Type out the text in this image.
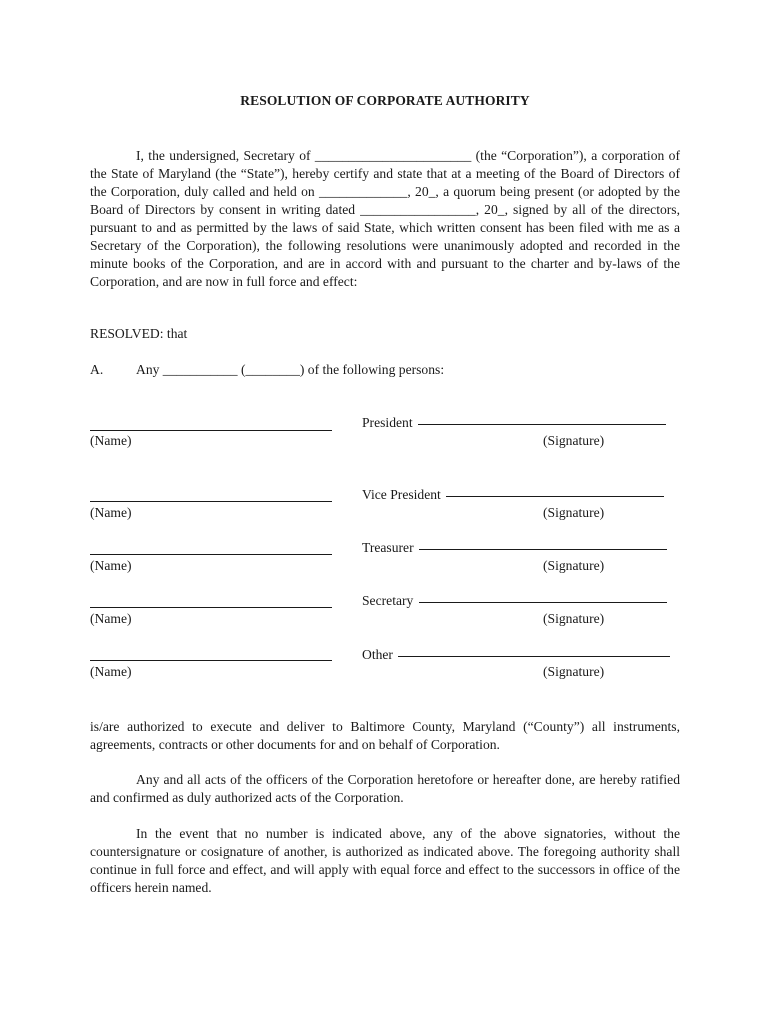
RESOLUTION OF CORPORATE AUTHORITY

I, the undersigned, Secretary of _______________________ (the “Corporation”), a corporation of the State of Maryland (the “State”), hereby certify and state that at a meeting of the Board of Directors of the Corporation, duly called and held on _____________, 20_, a quorum being present (or adopted by the Board of Directors by consent in writing dated _________________, 20_, signed by all of the directors, pursuant to and as permitted by the laws of said State, which written consent has been filed with me as a Secretary of the Corporation), the following resolutions were unanimously adopted and recorded in the minute books of the Corporation, and are in accord with and pursuant to the charter and by-laws of the Corporation, and are now in full force and effect:

RESOLVED: that
A. Any ___________ (________) of the following persons:
(Name)
President
(Signature)
(Name)
Vice President
(Signature)
(Name)
Treasurer
(Signature)
(Name)
Secretary
(Signature)
(Name)
Other
(Signature)

is/are authorized to execute and deliver to Baltimore County, Maryland (“County”) all instruments, agreements, contracts or other documents for and on behalf of Corporation.

Any and all acts of the officers of the Corporation heretofore or hereafter done, are hereby ratified and confirmed as duly authorized acts of the Corporation.

In the event that no number is indicated above, any of the above signatories, without the countersignature or cosignature of another, is authorized as indicated above. The foregoing authority shall continue in full force and effect, and will apply with equal force and effect to the successors in office of the officers herein named.
